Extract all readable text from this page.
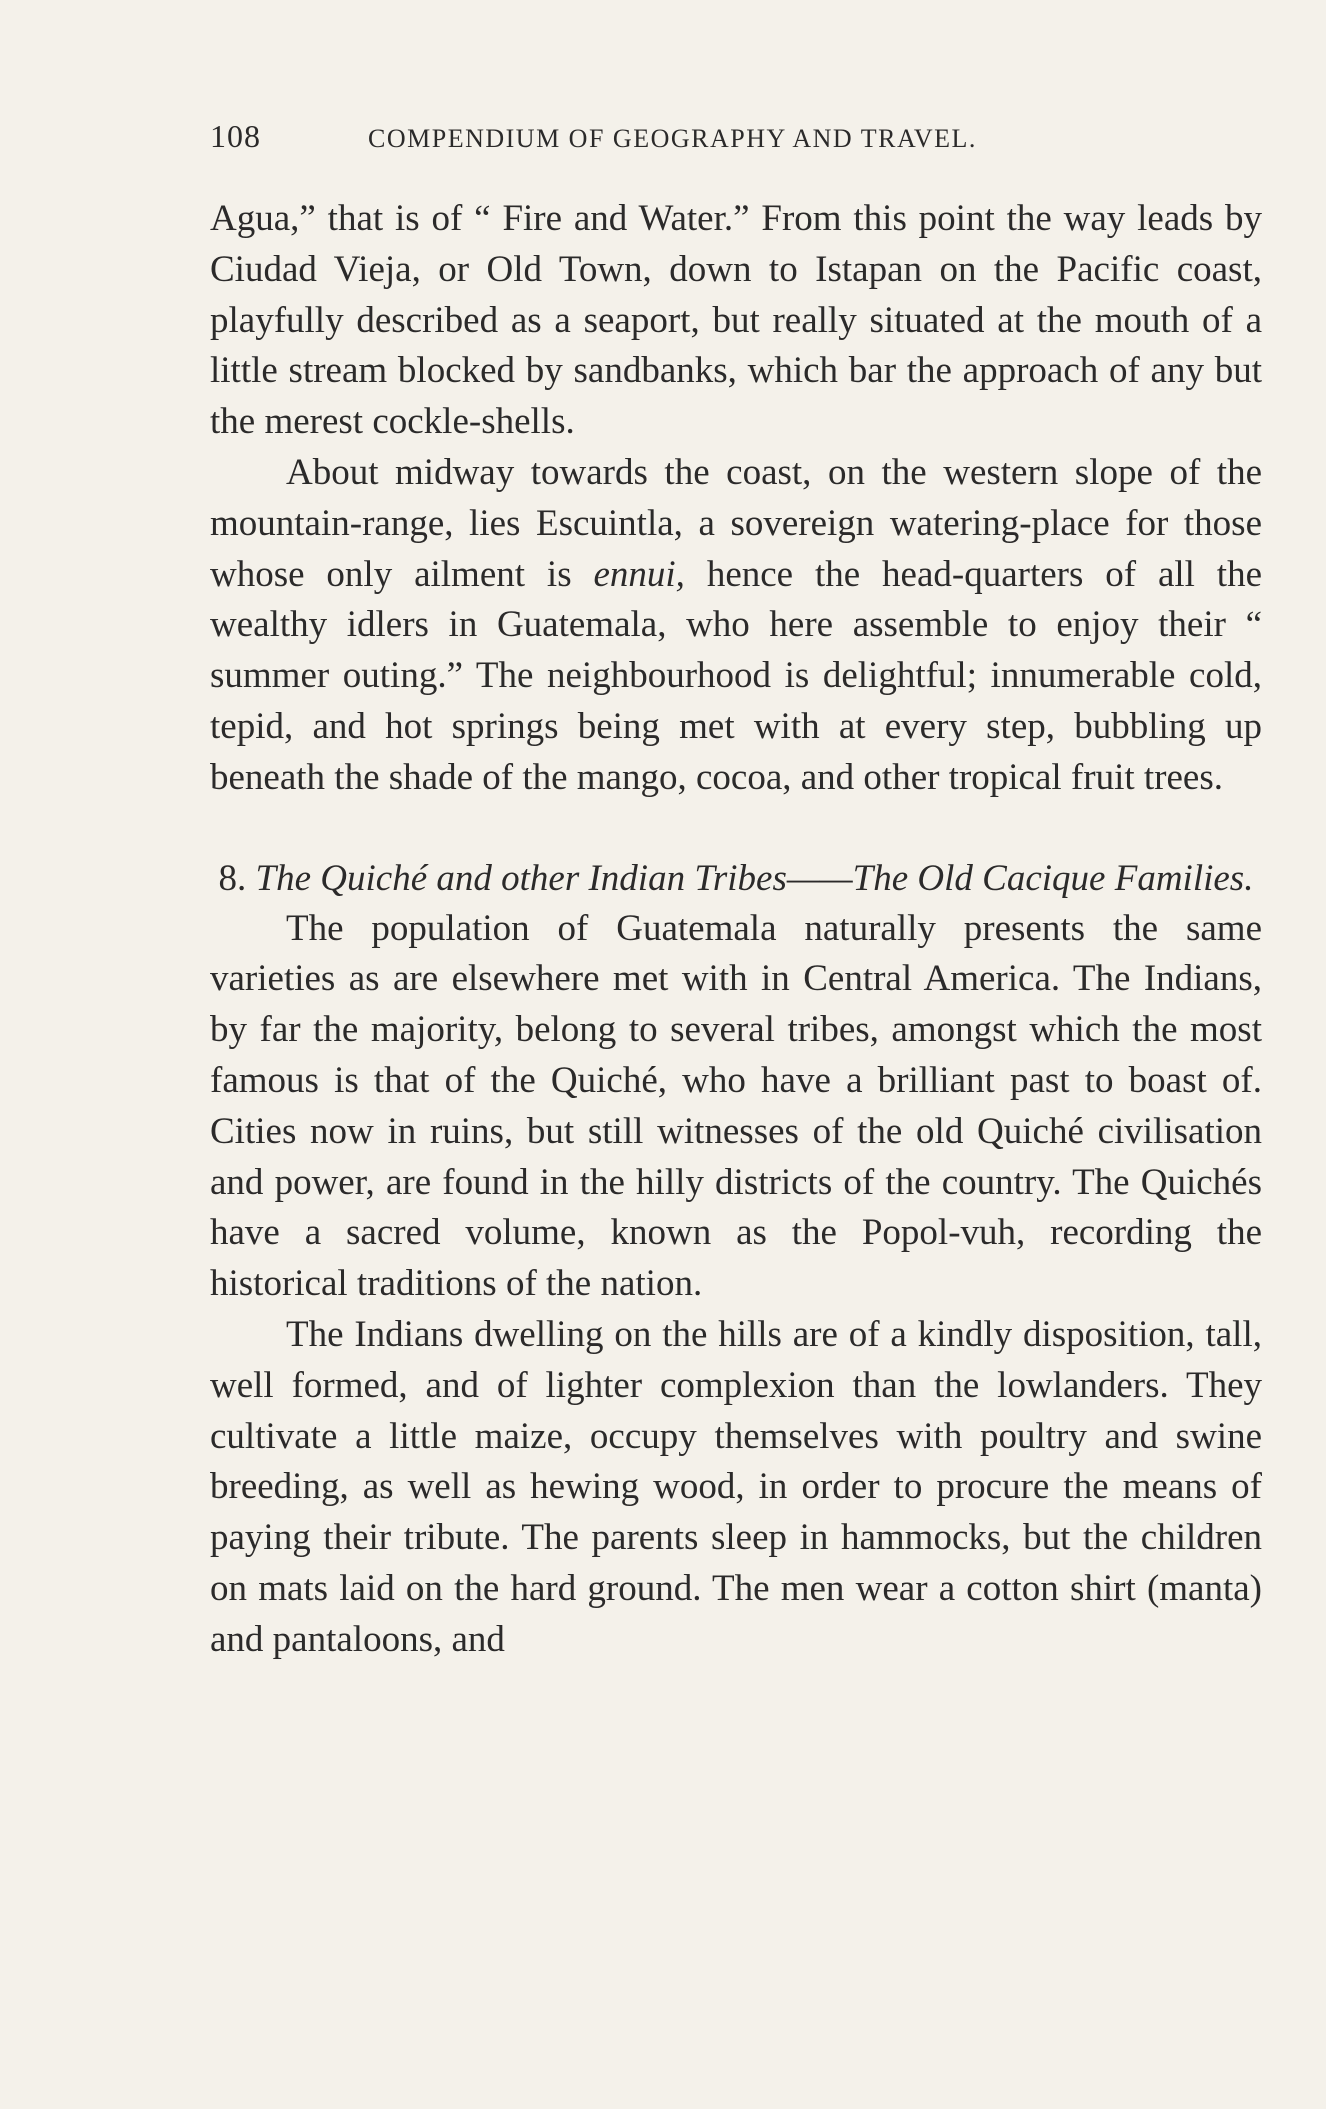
108	COMPENDIUM OF GEOGRAPHY AND TRAVEL.

Agua,” that is of “ Fire and Water.” From this point the way leads by Ciudad Vieja, or Old Town, down to Istapan on the Pacific coast, playfully described as a seaport, but really situated at the mouth of a little stream blocked by sandbanks, which bar the approach of any but the merest cockle-shells.

About midway towards the coast, on the western slope of the mountain-range, lies Escuintla, a sovereign watering-place for those whose only ailment is ennui, hence the head-quarters of all the wealthy idlers in Guatemala, who here assemble to enjoy their “ summer outing.” The neighbourhood is delightful; innumerable cold, tepid, and hot springs being met with at every step, bubbling up beneath the shade of the mango, cocoa, and other tropical fruit trees.

8. The Quiché and other Indian Tribes——The Old Cacique Families.

The population of Guatemala naturally presents the same varieties as are elsewhere met with in Central America. The Indians, by far the majority, belong to several tribes, amongst which the most famous is that of the Quiché, who have a brilliant past to boast of. Cities now in ruins, but still witnesses of the old Quiché civilisation and power, are found in the hilly districts of the country. The Quichés have a sacred volume, known as the Popol-vuh, recording the historical traditions of the nation.

The Indians dwelling on the hills are of a kindly disposition, tall, well formed, and of lighter complexion than the lowlanders. They cultivate a little maize, occupy themselves with poultry and swine breeding, as well as hewing wood, in order to procure the means of paying their tribute. The parents sleep in hammocks, but the children on mats laid on the hard ground. The men wear a cotton shirt (manta) and pantaloons, and
